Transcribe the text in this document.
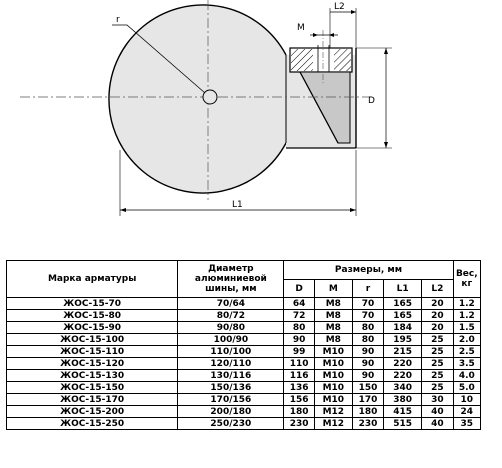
r
M
L2
D
L1
Марка арматуры	Диаметр алюминиевой шины, мм	Размеры, мм					Вес, кг
		D	M	r	L1	L2	
ЖОС-15-70	70/64	64	M8	70	165	20	1.2
ЖОС-15-80	80/72	72	M8	70	165	20	1.2
ЖОС-15-90	90/80	80	M8	80	184	20	1.5
ЖОС-15-100	100/90	90	M8	80	195	25	2.0
ЖОС-15-110	110/100	99	M10	90	215	25	2.5
ЖОС-15-120	120/110	110	M10	90	220	25	3.5
ЖОС-15-130	130/116	116	M10	90	220	25	4.0
ЖОС-15-150	150/136	136	M10	150	340	25	5.0
ЖОС-15-170	170/156	156	M10	170	380	30	10
ЖОС-15-200	200/180	180	M12	180	415	40	24
ЖОС-15-250	250/230	230	M12	230	515	40	35
